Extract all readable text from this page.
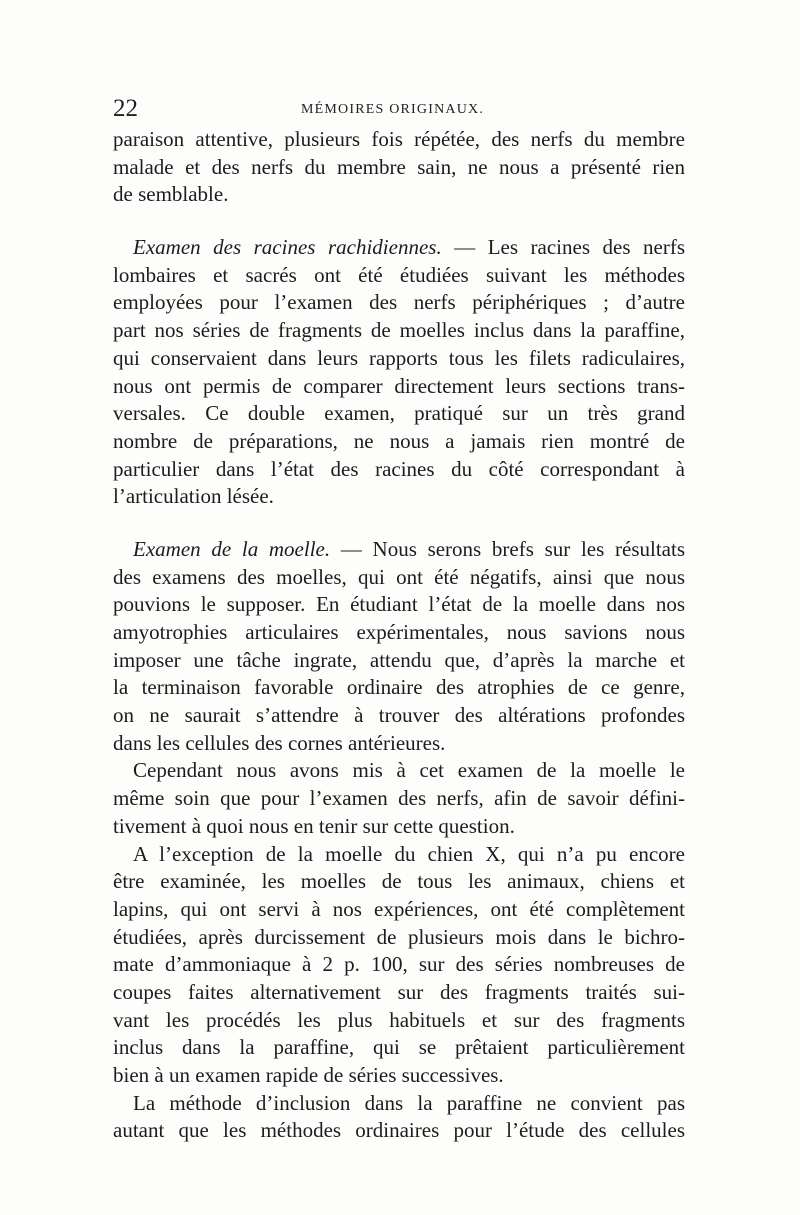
22	MÉMOIRES ORIGINAUX.
paraison attentive, plusieurs fois répétée, des nerfs du membre
malade et des nerfs du membre sain, ne nous a présenté rien
de semblable.
Examen des racines rachidiennes. — Les racines des nerfs
lombaires et sacrés ont été étudiées suivant les méthodes
employées pour l’examen des nerfs périphériques ; d’autre
part nos séries de fragments de moelles inclus dans la paraffine,
qui conservaient dans leurs rapports tous les filets radiculaires,
nous ont permis de comparer directement leurs sections trans-
versales. Ce double examen, pratiqué sur un très grand
nombre de préparations, ne nous a jamais rien montré de
particulier dans l’état des racines du côté correspondant à
l’articulation lésée.
Examen de la moelle. — Nous serons brefs sur les résultats
des examens des moelles, qui ont été négatifs, ainsi que nous
pouvions le supposer. En étudiant l’état de la moelle dans nos
amyotrophies articulaires expérimentales, nous savions nous
imposer une tâche ingrate, attendu que, d’après la marche et
la terminaison favorable ordinaire des atrophies de ce genre,
on ne saurait s’attendre à trouver des altérations profondes
dans les cellules des cornes antérieures.
Cependant nous avons mis à cet examen de la moelle le
même soin que pour l’examen des nerfs, afin de savoir défini-
tivement à quoi nous en tenir sur cette question.
A l’exception de la moelle du chien X, qui n’a pu encore
être examinée, les moelles de tous les animaux, chiens et
lapins, qui ont servi à nos expériences, ont été complètement
étudiées, après durcissement de plusieurs mois dans le bichro-
mate d’ammoniaque à 2 p. 100, sur des séries nombreuses de
coupes faites alternativement sur des fragments traités sui-
vant les procédés les plus habituels et sur des fragments
inclus dans la paraffine, qui se prêtaient particulièrement
bien à un examen rapide de séries successives.
La méthode d’inclusion dans la paraffine ne convient pas
autant que les méthodes ordinaires pour l’étude des cellules
